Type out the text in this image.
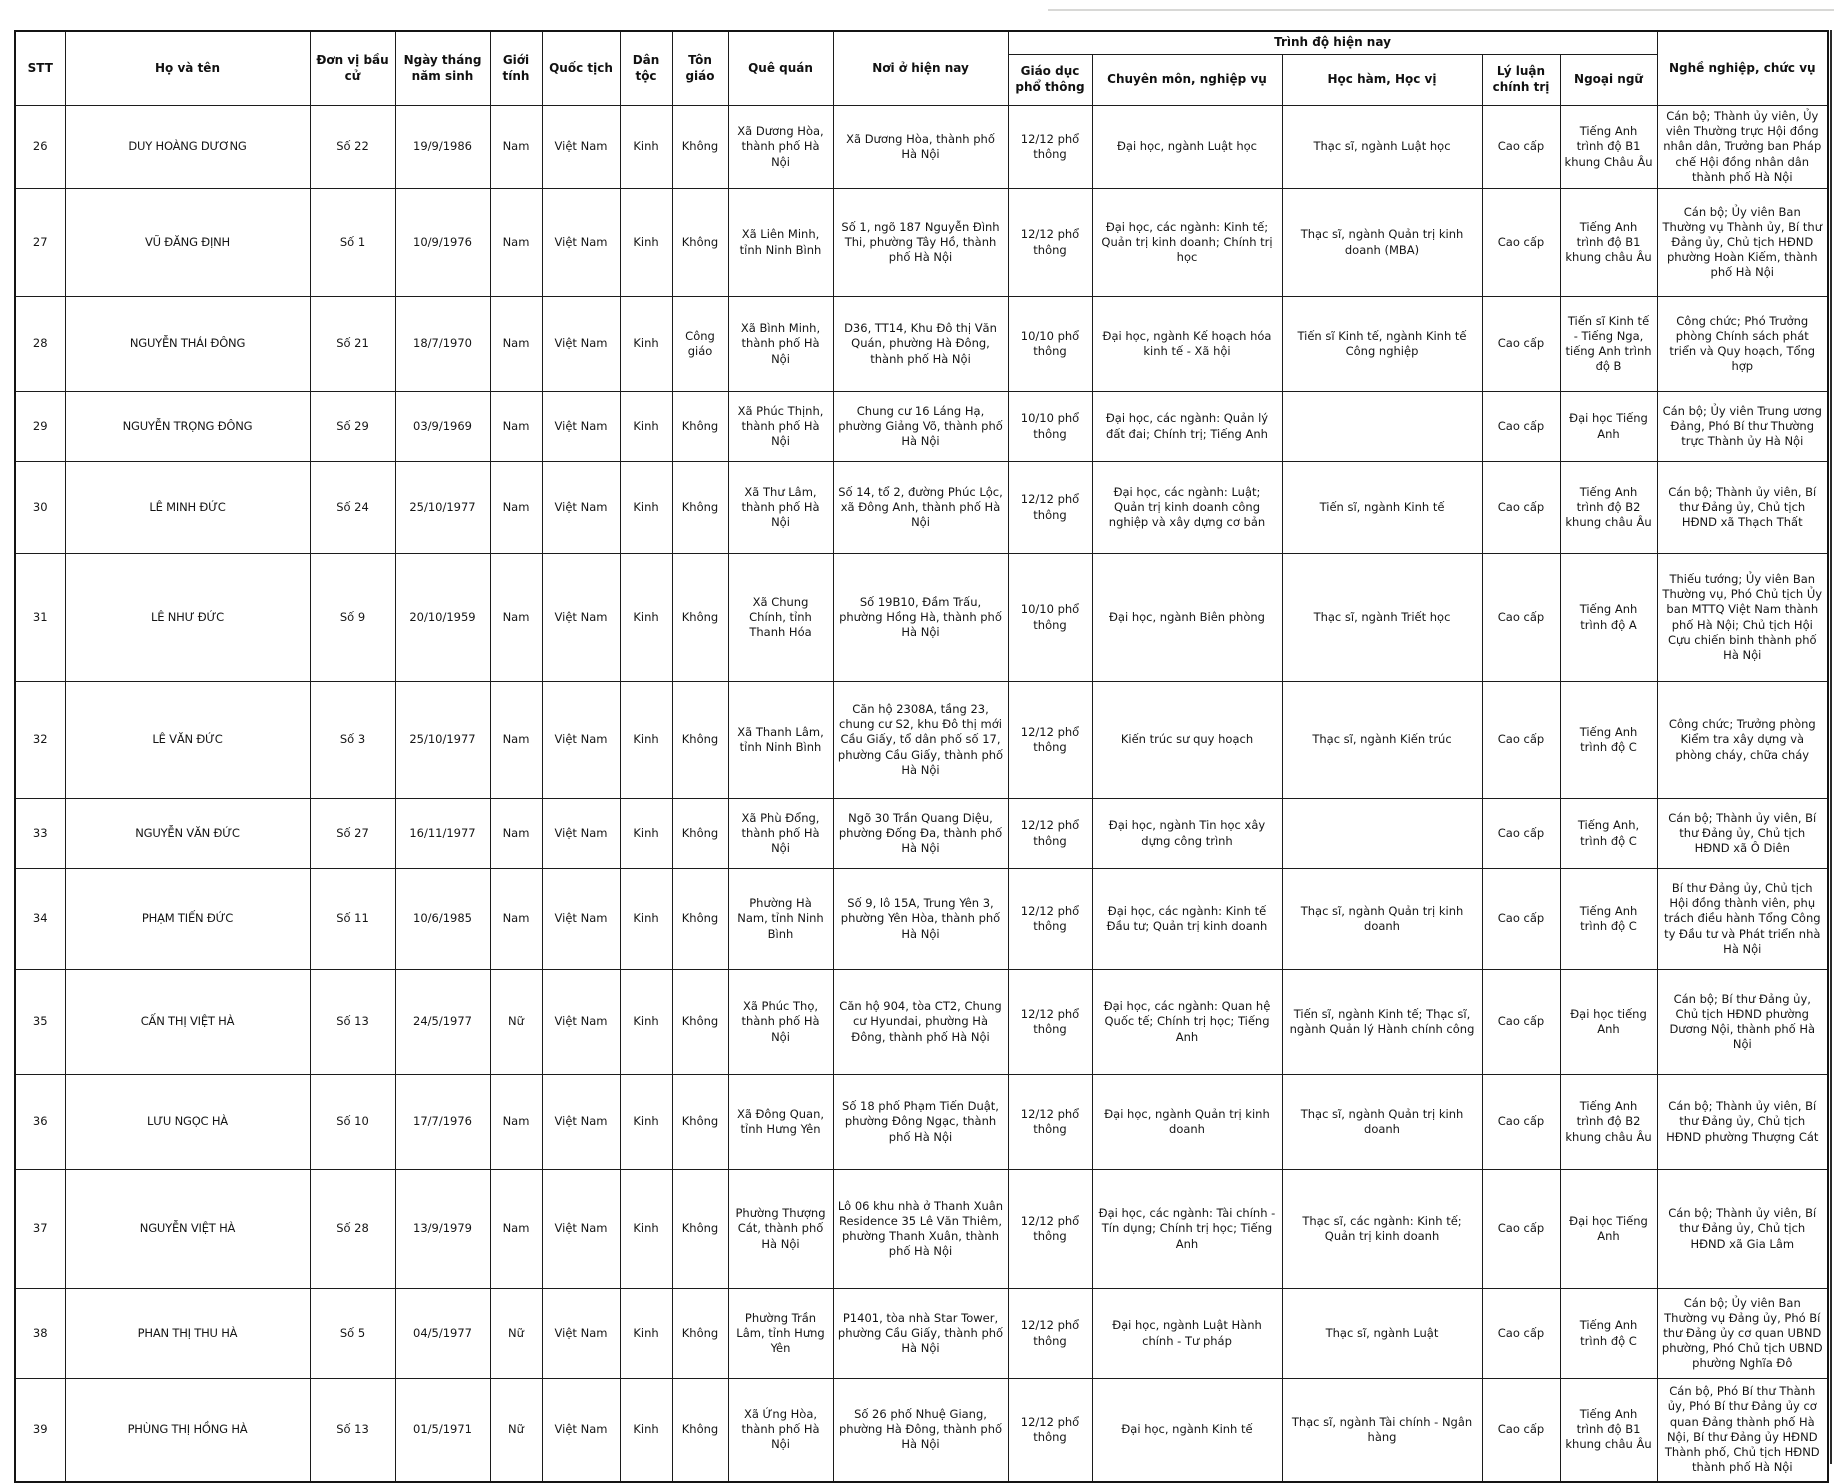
STT	Họ và tên	Đơn vị bầu cử	Ngày tháng năm sinh	Giới tính	Quốc tịch	Dân tộc	Tôn giáo	Quê quán	Nơi ở hiện nay	Trình độ hiện nay					Nghề nghiệp, chức vụ
										Giáo dục phổ thông	Chuyên môn, nghiệp vụ	Học hàm, Học vị	Lý luận chính trị	Ngoại ngữ	
26	DUY HOÀNG DƯƠNG	Số 22	19/9/1986	Nam	Việt Nam	Kinh	Không	Xã Dương Hòa, thành phố Hà Nội	Xã Dương Hòa, thành phố Hà Nội	12/12 phổ thông	Đại học, ngành Luật học	Thạc sĩ, ngành Luật học	Cao cấp	Tiếng Anh trình độ B1 khung Châu Âu	Cán bộ; Thành ủy viên, Ủy viên Thường trực Hội đồng nhân dân, Trưởng ban Pháp chế Hội đồng nhân dân thành phố Hà Nội
27	VŨ ĐĂNG ĐỊNH	Số 1	10/9/1976	Nam	Việt Nam	Kinh	Không	Xã Liên Minh, tỉnh Ninh Bình	Số 1, ngõ 187 Nguyễn Đình Thi, phường Tây Hồ, thành phố Hà Nội	12/12 phổ thông	Đại học, các ngành: Kinh tế; Quản trị kinh doanh; Chính trị học	Thạc sĩ, ngành Quản trị kinh doanh (MBA)	Cao cấp	Tiếng Anh trình độ B1 khung châu Âu	Cán bộ; Ủy viên Ban Thường vụ Thành ủy, Bí thư Đảng ủy, Chủ tịch HĐND phường Hoàn Kiếm, thành phố Hà Nội
28	NGUYỄN THÁI ĐÔNG	Số 21	18/7/1970	Nam	Việt Nam	Kinh	Công giáo	Xã Bình Minh, thành phố Hà Nội	D36, TT14, Khu Đô thị Văn Quán, phường Hà Đông, thành phố Hà Nội	10/10 phổ thông	Đại học, ngành Kế hoạch hóa kinh tế - Xã hội	Tiến sĩ Kinh tế, ngành Kinh tế Công nghiệp	Cao cấp	Tiến sĩ Kinh tế - Tiếng Nga, tiếng Anh trình độ B	Công chức; Phó Trưởng phòng Chính sách phát triển và Quy hoạch, Tổng hợp
29	NGUYỄN TRỌNG ĐÔNG	Số 29	03/9/1969	Nam	Việt Nam	Kinh	Không	Xã Phúc Thịnh, thành phố Hà Nội	Chung cư 16 Láng Hạ, phường Giảng Võ, thành phố Hà Nội	10/10 phổ thông	Đại học, các ngành: Quản lý đất đai; Chính trị; Tiếng Anh		Cao cấp	Đại học Tiếng Anh	Cán bộ; Ủy viên Trung ương Đảng, Phó Bí thư Thường trực Thành ủy Hà Nội
30	LÊ MINH ĐỨC	Số 24	25/10/1977	Nam	Việt Nam	Kinh	Không	Xã Thư Lâm, thành phố Hà Nội	Số 14, tổ 2, đường Phúc Lộc, xã Đông Anh, thành phố Hà Nội	12/12 phổ thông	Đại học, các ngành: Luật; Quản trị kinh doanh công nghiệp và xây dựng cơ bản	Tiến sĩ, ngành Kinh tế	Cao cấp	Tiếng Anh trình độ B2 khung châu Âu	Cán bộ; Thành ủy viên, Bí thư Đảng ủy, Chủ tịch HĐND xã Thạch Thất
31	LÊ NHƯ ĐỨC	Số 9	20/10/1959	Nam	Việt Nam	Kinh	Không	Xã Chung Chính, tỉnh Thanh Hóa	Số 19B10, Đầm Trấu, phường Hồng Hà, thành phố Hà Nội	10/10 phổ thông	Đại học, ngành Biên phòng	Thạc sĩ, ngành Triết học	Cao cấp	Tiếng Anh trình độ A	Thiếu tướng; Ủy viên Ban Thường vụ, Phó Chủ tịch Ủy ban MTTQ Việt Nam thành phố Hà Nội; Chủ tịch Hội Cựu chiến binh thành phố Hà Nội
32	LÊ VĂN ĐỨC	Số 3	25/10/1977	Nam	Việt Nam	Kinh	Không	Xã Thanh Lâm, tỉnh Ninh Bình	Căn hộ 2308A, tầng 23, chung cư S2, khu Đô thị mới Cầu Giấy, tổ dân phố số 17, phường Cầu Giấy, thành phố Hà Nội	12/12 phổ thông	Kiến trúc sư quy hoạch	Thạc sĩ, ngành Kiến trúc	Cao cấp	Tiếng Anh trình độ C	Công chức; Trưởng phòng Kiểm tra xây dựng và phòng cháy, chữa cháy
33	NGUYỄN VĂN ĐỨC	Số 27	16/11/1977	Nam	Việt Nam	Kinh	Không	Xã Phù Đổng, thành phố Hà Nội	Ngõ 30 Trần Quang Diệu, phường Đống Đa, thành phố Hà Nội	12/12 phổ thông	Đại học, ngành Tin học xây dựng công trình		Cao cấp	Tiếng Anh, trình độ C	Cán bộ; Thành ủy viên, Bí thư Đảng ủy, Chủ tịch HĐND xã Ô Diên
34	PHẠM TIẾN ĐỨC	Số 11	10/6/1985	Nam	Việt Nam	Kinh	Không	Phường Hà Nam, tỉnh Ninh Bình	Số 9, lô 15A, Trung Yên 3, phường Yên Hòa, thành phố Hà Nội	12/12 phổ thông	Đại học, các ngành: Kinh tế Đầu tư; Quản trị kinh doanh	Thạc sĩ, ngành Quản trị kinh doanh	Cao cấp	Tiếng Anh trình độ C	Bí thư Đảng ủy, Chủ tịch Hội đồng thành viên, phụ trách điều hành Tổng Công ty Đầu tư và Phát triển nhà Hà Nội
35	CẤN THỊ VIỆT HÀ	Số 13	24/5/1977	Nữ	Việt Nam	Kinh	Không	Xã Phúc Thọ, thành phố Hà Nội	Căn hộ 904, tòa CT2, Chung cư Hyundai, phường Hà Đông, thành phố Hà Nội	12/12 phổ thông	Đại học, các ngành: Quan hệ Quốc tế; Chính trị học; Tiếng Anh	Tiến sĩ, ngành Kinh tế; Thạc sĩ, ngành Quản lý Hành chính công	Cao cấp	Đại học tiếng Anh	Cán bộ; Bí thư Đảng ủy, Chủ tịch HĐND phường Dương Nội, thành phố Hà Nội
36	LƯU NGỌC HÀ	Số 10	17/7/1976	Nam	Việt Nam	Kinh	Không	Xã Đông Quan, tỉnh Hưng Yên	Số 18 phố Phạm Tiến Duật, phường Đông Ngạc, thành phố Hà Nội	12/12 phổ thông	Đại học, ngành Quản trị kinh doanh	Thạc sĩ, ngành Quản trị kinh doanh	Cao cấp	Tiếng Anh trình độ B2 khung châu Âu	Cán bộ; Thành ủy viên, Bí thư Đảng ủy, Chủ tịch HĐND phường Thượng Cát
37	NGUYỄN VIỆT HÀ	Số 28	13/9/1979	Nam	Việt Nam	Kinh	Không	Phường Thượng Cát, thành phố Hà Nội	Lô 06 khu nhà ở Thanh Xuân Residence 35 Lê Văn Thiêm, phường Thanh Xuân, thành phố Hà Nội	12/12 phổ thông	Đại học, các ngành: Tài chính - Tín dụng; Chính trị học; Tiếng Anh	Thạc sĩ, các ngành: Kinh tế; Quản trị kinh doanh	Cao cấp	Đại học Tiếng Anh	Cán bộ; Thành ủy viên, Bí thư Đảng ủy, Chủ tịch HĐND xã Gia Lâm
38	PHAN THỊ THU HÀ	Số 5	04/5/1977	Nữ	Việt Nam	Kinh	Không	Phường Trần Lâm, tỉnh Hưng Yên	P1401, tòa nhà Star Tower, phường Cầu Giấy, thành phố Hà Nội	12/12 phổ thông	Đại học, ngành Luật Hành chính - Tư pháp	Thạc sĩ, ngành Luật	Cao cấp	Tiếng Anh trình độ C	Cán bộ; Ủy viên Ban Thường vụ Đảng ủy, Phó Bí thư Đảng ủy cơ quan UBND phường, Phó Chủ tịch UBND phường Nghĩa Đô
39	PHÙNG THỊ HỒNG HÀ	Số 13	01/5/1971	Nữ	Việt Nam	Kinh	Không	Xã Ứng Hòa, thành phố Hà Nội	Số 26 phố Nhuệ Giang, phường Hà Đông, thành phố Hà Nội	12/12 phổ thông	Đại học, ngành Kinh tế	Thạc sĩ, ngành Tài chính - Ngân hàng	Cao cấp	Tiếng Anh trình độ B1 khung châu Âu	Cán bộ, Phó Bí thư Thành ủy, Phó Bí thư Đảng ủy cơ quan Đảng thành phố Hà Nội, Bí thư Đảng ủy HĐND Thành phố, Chủ tịch HĐND thành phố Hà Nội
